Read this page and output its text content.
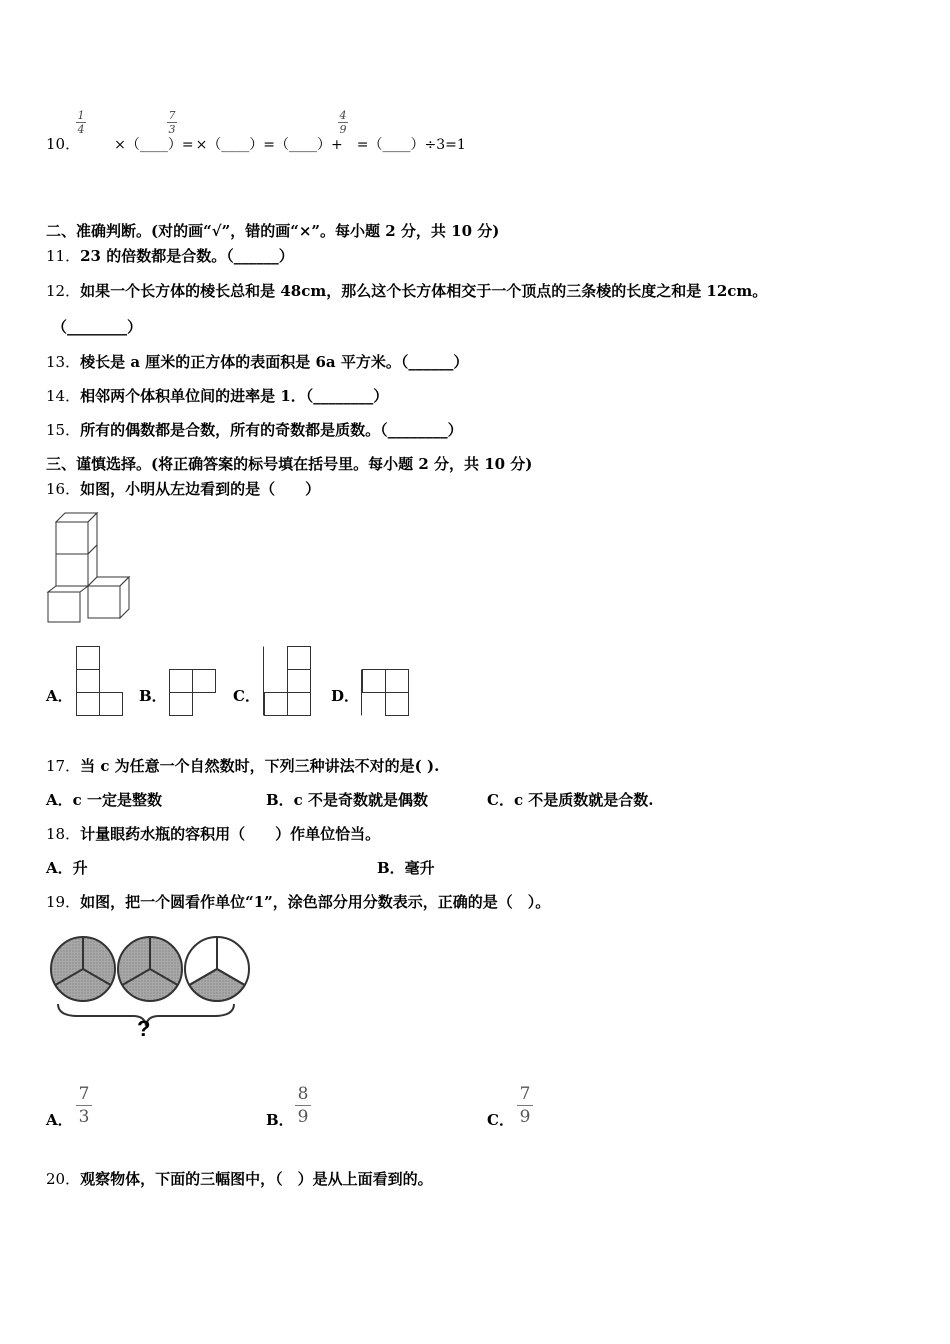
10． ×（____）= ×（____）=（____）+ =（____）÷3=1
1
4
7
3
4
9
二、准确判断。(对的画“√”，错的画“×”。每小题 2 分，共 10 分)
11．23 的倍数都是合数。（______）
12．如果一个长方体的棱长总和是 48cm，那么这个长方体相交于一个顶点的三条棱的长度之和是 12cm。
（________）
13．棱长是 a 厘米的正方体的表面积是 6a 平方米。（______）
14．相邻两个体积单位间的进率是 1．（________）
15．所有的偶数都是合数，所有的奇数都是质数。（________）
三、谨慎选择。(将正确答案的标号填在括号里。每小题 2 分，共 10 分)
16．如图，小明从左边看到的是（　　）
A．	B．	C．	D．
17．当 c 为任意一个自然数时，下列三种讲法不对的是( ).
A．c 一定是整数	B．c 不是奇数就是偶数	C．c 不是质数就是合数.
18．计量眼药水瓶的容积用（　　）作单位恰当。
A．升	B．毫升
19．如图，把一个圆看作单位“1”，涂色部分用分数表示，正确的是（　）。
?
A．
7
3	B．
8
9	C．
7
9
20．观察物体，下面的三幅图中，（　）是从上面看到的。
